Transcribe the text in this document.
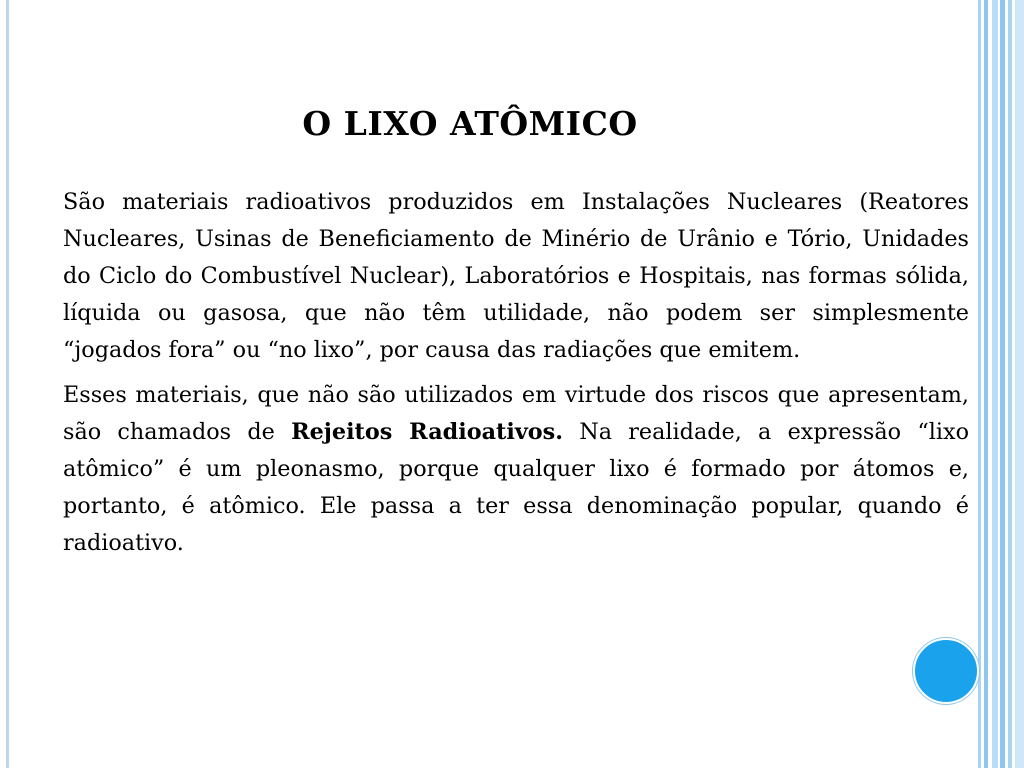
O LIXO ATÔMICO

São materiais radioativos produzidos em Instalações Nucleares (Reatores Nucleares, Usinas de Beneficiamento de Minério de Urânio e Tório, Unidades do Ciclo do Combustível Nuclear), Laboratórios e Hospitais, nas formas sólida, líquida ou gasosa, que não têm utilidade, não podem ser simplesmente “jogados fora” ou “no lixo”, por causa das radiações que emitem.

Esses materiais, que não são utilizados em virtude dos riscos que apresentam, são chamados de Rejeitos Radioativos. Na realidade, a expressão “lixo atômico” é um pleonasmo, porque qualquer lixo é formado por átomos e, portanto, é atômico. Ele passa a ter essa denominação popular, quando é radioativo.
